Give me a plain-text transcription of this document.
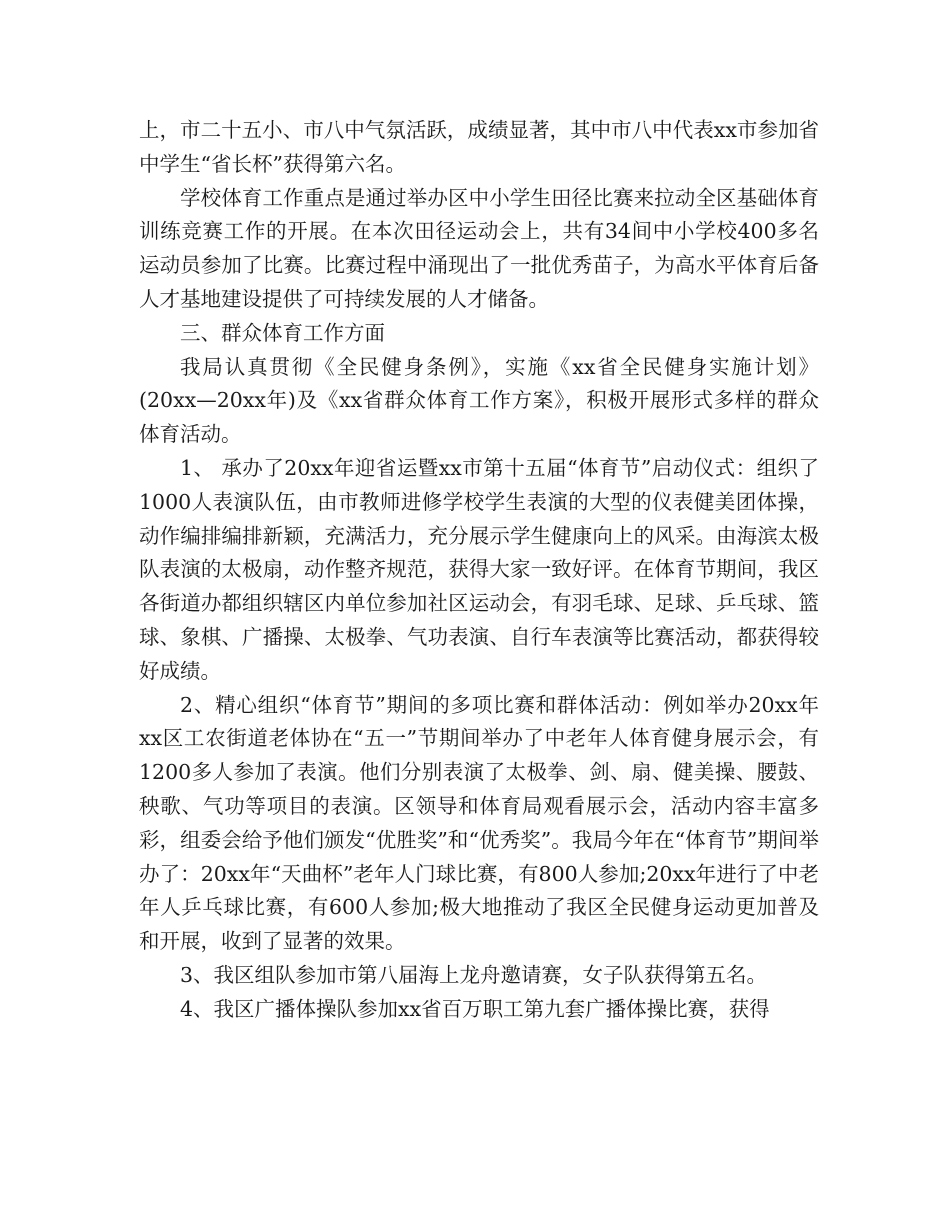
上，市二十五小、市八中气氛活跃，成绩显著，其中市八中代表xx市参加省中学生“省长杯”获得第六名。

学校体育工作重点是通过举办区中小学生田径比赛来拉动全区基础体育训练竞赛工作的开展。在本次田径运动会上，共有34间中小学校400多名运动员参加了比赛。比赛过程中涌现出了一批优秀苗子，为高水平体育后备人才基地建设提供了可持续发展的人才储备。

三、群众体育工作方面

我局认真贯彻《全民健身条例》，实施《xx省全民健身实施计划》(20xx—20xx年)及《xx省群众体育工作方案》，积极开展形式多样的群众体育活动。

1、 承办了20xx年迎省运暨xx市第十五届“体育节”启动仪式：组织了1000人表演队伍，由市教师进修学校学生表演的大型的仪表健美团体操，动作编排编排新颖，充满活力，充分展示学生健康向上的风采。由海滨太极队表演的太极扇，动作整齐规范，获得大家一致好评。在体育节期间，我区各街道办都组织辖区内单位参加社区运动会，有羽毛球、足球、乒乓球、篮球、象棋、广播操、太极拳、气功表演、自行车表演等比赛活动，都获得较好成绩。

2、精心组织“体育节”期间的多项比赛和群体活动：例如举办20xx年xx区工农街道老体协在“五一”节期间举办了中老年人体育健身展示会，有1200多人参加了表演。他们分别表演了太极拳、剑、扇、健美操、腰鼓、秧歌、气功等项目的表演。区领导和体育局观看展示会，活动内容丰富多彩，组委会给予他们颁发“优胜奖”和“优秀奖”。我局今年在“体育节”期间举办了：20xx年“天曲杯”老年人门球比赛，有800人参加;20xx年进行了中老年人乒乓球比赛，有600人参加;极大地推动了我区全民健身运动更加普及和开展，收到了显著的效果。

3、我区组队参加市第八届海上龙舟邀请赛，女子队获得第五名。

4、我区广播体操队参加xx省百万职工第九套广播体操比赛，获得
